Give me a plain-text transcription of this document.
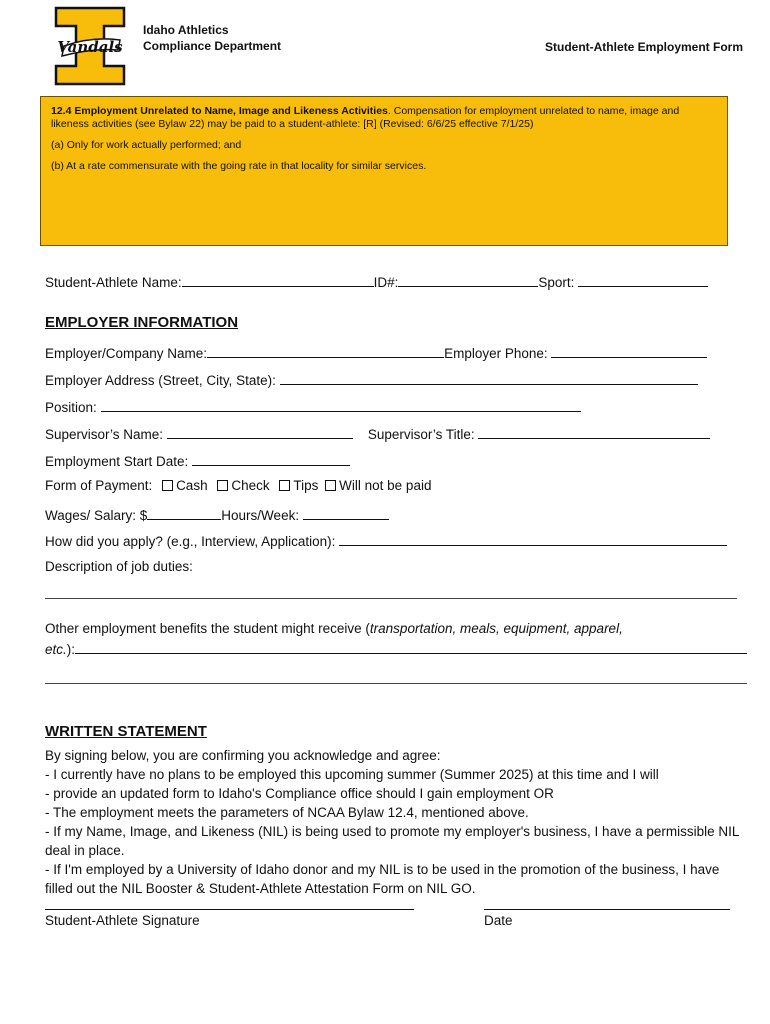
Vandals
Idaho Athletics
Compliance Department	Student-Athlete Employment Form

12.4 Employment Unrelated to Name, Image and Likeness Activities. Compensation for employment unrelated to name, image and likeness activities (see Bylaw 22) may be paid to a student-athlete: [R] (Revised: 6/6/25 effective 7/1/25)

(a) Only for work actually performed; and

(b) At a rate commensurate with the going rate in that locality for similar services.

Student-Athlete Name:	ID#:	Sport:
EMPLOYER INFORMATION
Employer/Company Name:	Employer Phone:
Employer Address (Street, City, State):
Position:
Supervisor’s Name:	Supervisor’s Title:
Employment Start Date:
Form of Payment: Cash Check Tips Will not be paid
Wages/ Salary: $	Hours/Week:
How did you apply? (e.g., Interview, Application):
Description of job duties:
Other employment benefits the student might receive (transportation, meals, equipment, apparel,
etc.):
WRITTEN STATEMENT
By signing below, you are confirming you acknowledge and agree:
- I currently have no plans to be employed this upcoming summer (Summer 2025) at this time and I will
- provide an updated form to Idaho's Compliance office should I gain employment OR
- The employment meets the parameters of NCAA Bylaw 12.4, mentioned above.
- If my Name, Image, and Likeness (NIL) is being used to promote my employer's business, I have a permissible NIL
deal in place.
- If I'm employed by a University of Idaho donor and my NIL is to be used in the promotion of the business, I have
filled out the NIL Booster & Student-Athlete Attestation Form on NIL GO.
Student-Athlete Signature	Date
